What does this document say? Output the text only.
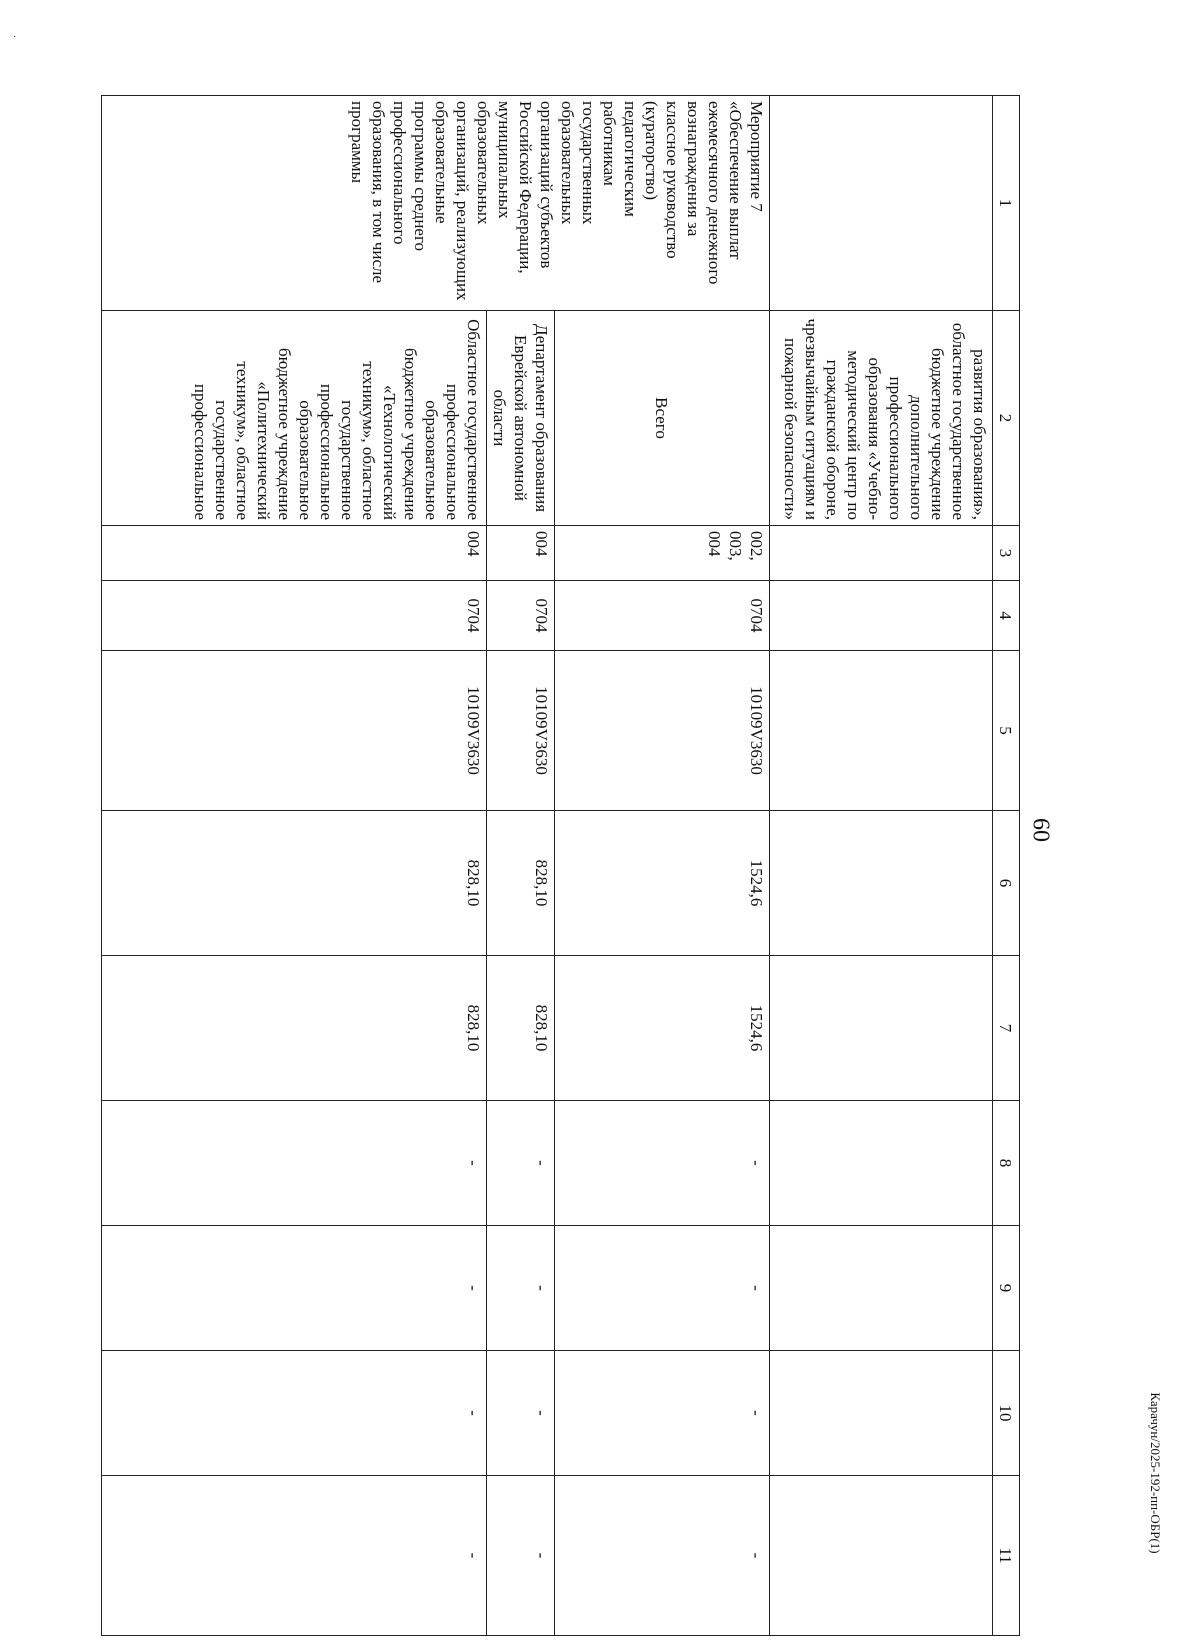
·
60
Карачун/2025-192-пп-ОБР(1)
1	2	3	4	5	6	7	8	9	10	11
	развития образования», областное государственное бюджетное учреждение дополнительного профессионального образования «Учебно-методический центр по гражданской обороне, чрезвычайным ситуациям и пожарной безопасности»									
Мероприятие 7 «Обеспечение выплат ежемесячного денежного вознаграждения за классное руководство (кураторство) педагогическим работникам государственных образовательных организаций субъектов Российской Федерации, муниципальных образовательных организаций, реализующих образовательные программы среднего профессионального образования, в том числе программы	Всего	002, 003, 004	0704	10109V3630	1524,6	1524,6	-	-	-	-
	Департамент образования Еврейской автономной области	004	0704	10109V3630	828,10	828,10	-	-	-	-
	Областное государственное профессиональное образовательное бюджетное учреждение «Технологический техникум», областное государственное профессиональное образовательное бюджетное учреждение «Политехнический техникум», областное государственное профессиональное	004	0704	10109V3630	828,10	828,10	-	-	-	-
